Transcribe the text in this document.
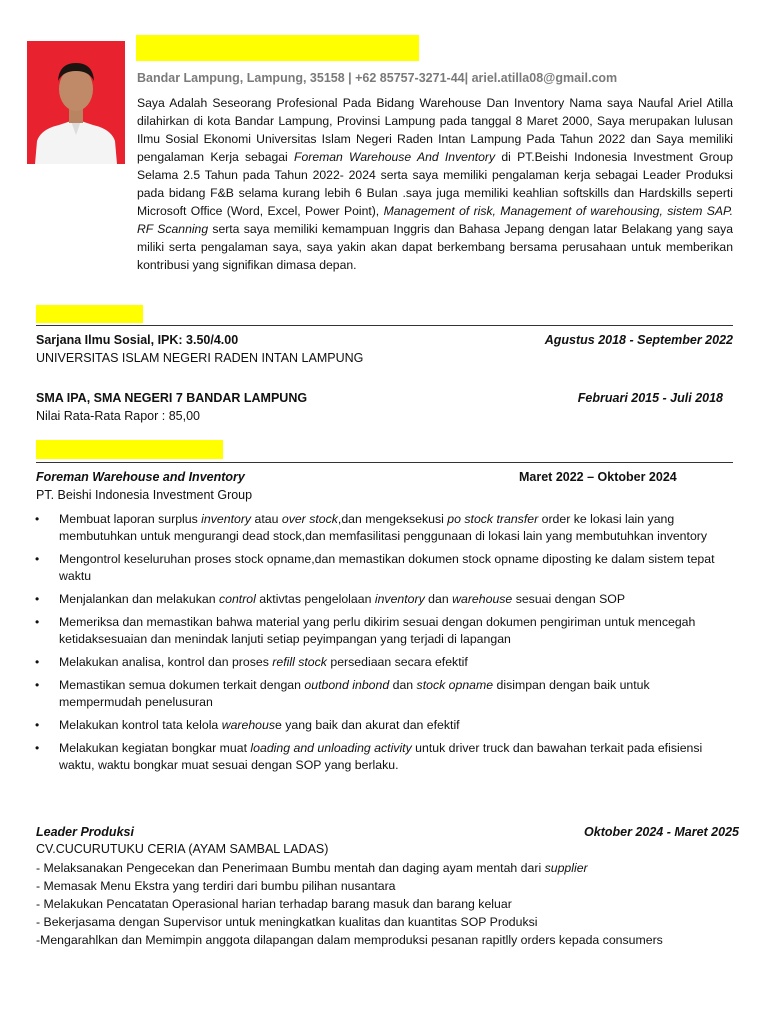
Bandar Lampung, Lampung, 35158 | +62 85757-3271-44| ariel.atilla08@gmail.com
Saya Adalah Seseorang Profesional Pada Bidang Warehouse Dan Inventory Nama saya Naufal Ariel Atilla dilahirkan di kota Bandar Lampung, Provinsi Lampung pada tanggal 8 Maret 2000, Saya merupakan lulusan Ilmu Sosial Ekonomi Universitas Islam Negeri Raden Intan Lampung Pada Tahun 2022 dan Saya memiliki pengalaman Kerja sebagai Foreman Warehouse And Inventory di PT.Beishi Indonesia Investment Group Selama 2.5 Tahun pada Tahun 2022- 2024 serta saya memiliki pengalaman kerja sebagai Leader Produksi pada bidang F&B selama kurang lebih 6 Bulan .saya juga memiliki keahlian softskills dan Hardskills seperti Microsoft Office (Word, Excel, Power Point), Management of risk, Management of warehousing, sistem SAP. RF Scanning serta saya memiliki kemampuan Inggris dan Bahasa Jepang dengan latar Belakang yang saya miliki serta pengalaman saya, saya yakin akan dapat berkembang bersama perusahaan untuk memberikan kontribusi yang signifikan dimasa depan.
Sarjana Ilmu Sosial, IPK: 3.50/4.00	Agustus 2018 - September 2022
UNIVERSITAS ISLAM NEGERI RADEN INTAN LAMPUNG
SMA IPA, SMA NEGERI 7 BANDAR LAMPUNG	Februari 2015 - Juli 2018
Nilai Rata-Rata Rapor : 85,00
Foreman Warehouse and Inventory	Maret 2022 – Oktober 2024
PT. Beishi Indonesia Investment Group
• Membuat laporan surplus inventory atau over stock,dan mengeksekusi po stock transfer order ke lokasi lain yang membutuhkan untuk mengurangi dead stock,dan memfasilitasi penggunaan di lokasi lain yang membutuhkan inventory
• Mengontrol keseluruhan proses stock opname,dan memastikan dokumen stock opname diposting ke dalam sistem tepat waktu
• Menjalankan dan melakukan control aktivtas pengelolaan inventory dan warehouse sesuai dengan SOP
• Memeriksa dan memastikan bahwa material yang perlu dikirim sesuai dengan dokumen pengiriman untuk mencegah ketidaksesuaian dan menindak lanjuti setiap peyimpangan yang terjadi di lapangan
• Melakukan analisa, kontrol dan proses refill stock persediaan secara efektif
• Memastikan semua dokumen terkait dengan outbond inbond dan stock opname disimpan dengan baik untuk mempermudah penelusuran
• Melakukan kontrol tata kelola warehouse yang baik dan akurat dan efektif
• Melakukan kegiatan bongkar muat loading and unloading activity untuk driver truck dan bawahan terkait pada efisiensi waktu, waktu bongkar muat sesuai dengan SOP yang berlaku.
Leader Produksi	Oktober 2024 - Maret 2025
CV.CUCURUTUKU CERIA (AYAM SAMBAL LADAS)
- Melaksanakan Pengecekan dan Penerimaan Bumbu mentah dan daging ayam mentah dari supplier
- Memasak Menu Ekstra yang terdiri dari bumbu pilihan nusantara
- Melakukan Pencatatan Operasional harian terhadap barang masuk dan barang keluar
- Bekerjasama dengan Supervisor untuk meningkatkan kualitas dan kuantitas SOP Produksi
-Mengarahlkan dan Memimpin anggota dilapangan dalam memproduksi pesanan rapitlly orders kepada consumers
